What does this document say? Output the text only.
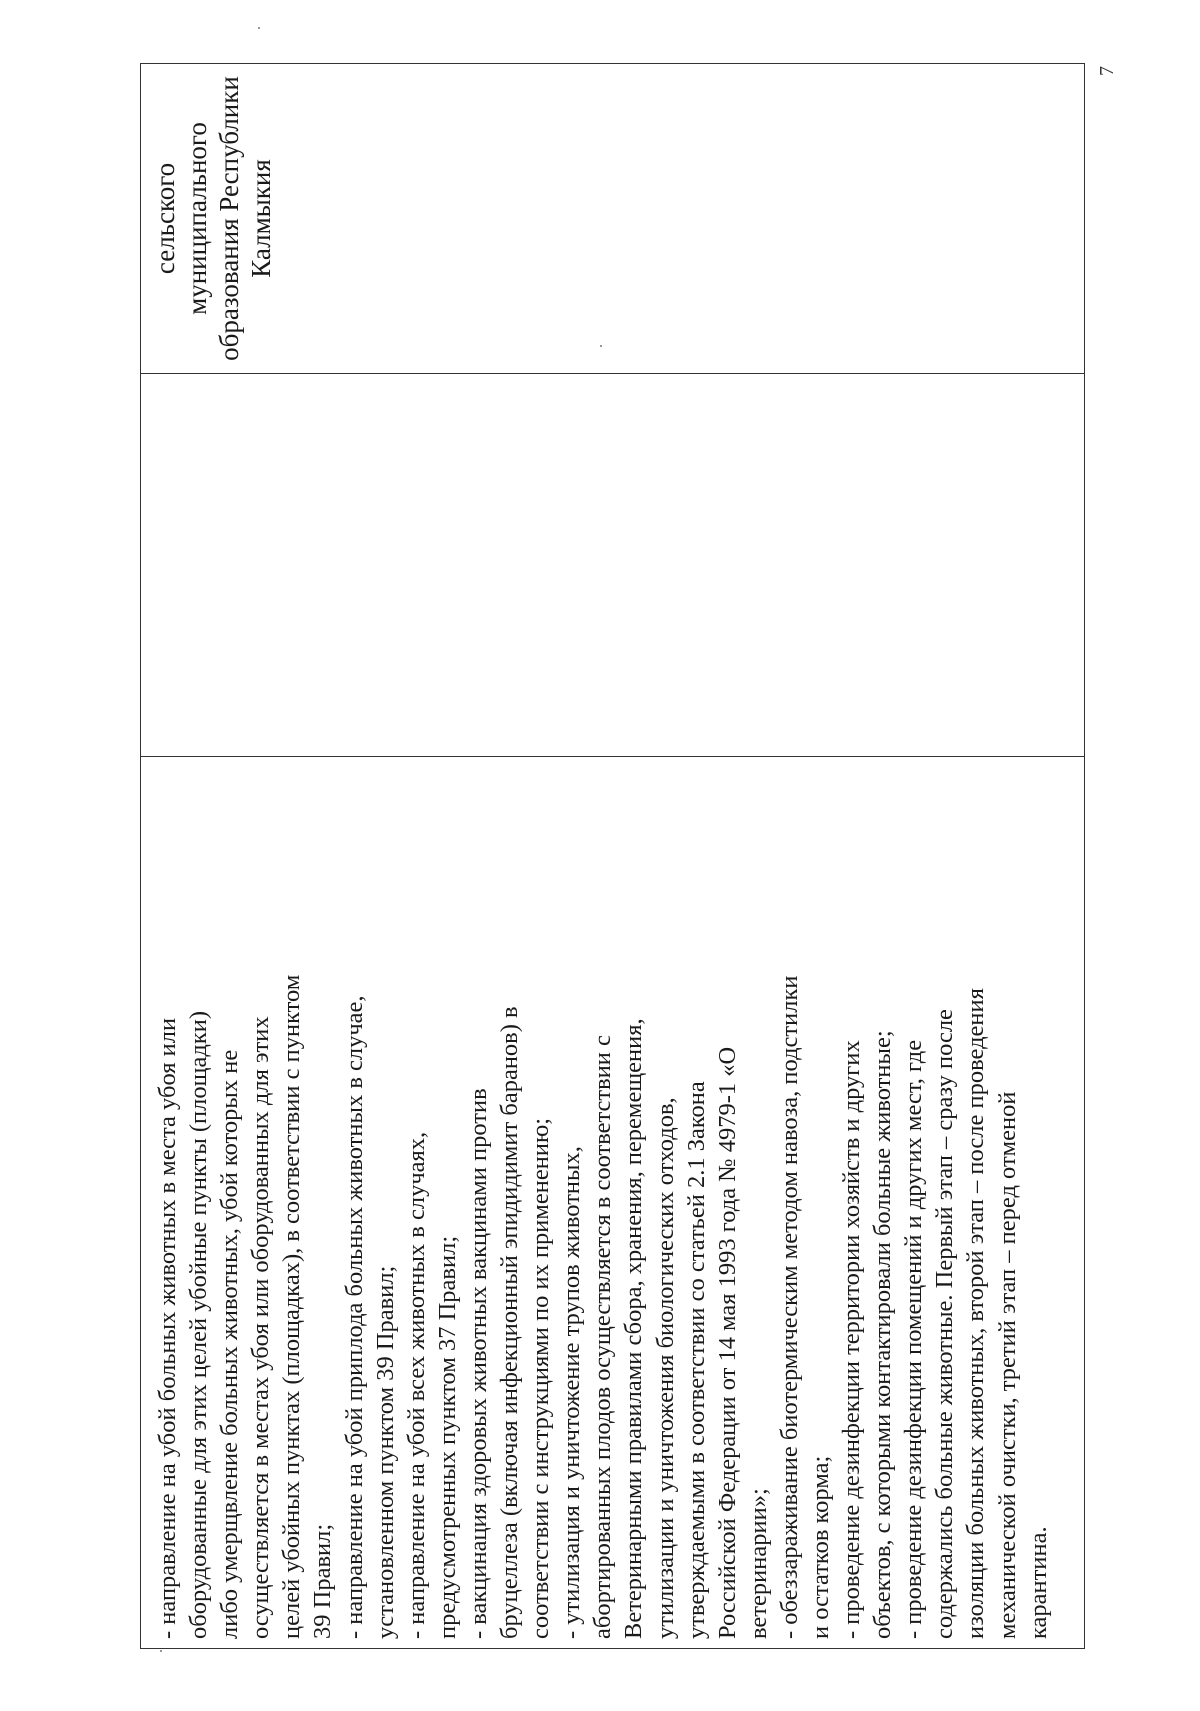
- направление на убой больных животных в места убоя или оборудованные для этих целей убойные пункты (площадки) либо умерщвление больных животных, убой которых не осуществляется в местах убоя или оборудованных для этих целей убойных пунктах (площадках), в соответствии с пунктом 39 Правил; - направление на убой приплода больных животных в случае, установленном пунктом 39 Правил; - направление на убой всех животных в случаях, предусмотренных пунктом 37 Правил; - вакцинация здоровых животных вакцинами против бруцеллеза (включая инфекционный эпидидимит баранов) в соответствии с инструкциями по их применению; - утилизация и уничтожение трупов животных, абортированных плодов осуществляется в соответствии с Ветеринарными правилами сбора, хранения, перемещения, утилизации и уничтожения биологических отходов, утверждаемыми в соответствии со статьей 2.1 Закона Российской Федерации от 14 мая 1993 года № 4979-1 «О ветеринарии»; - обеззараживание биотермическим методом навоза, подстилки и остатков корма; - проведение дезинфекции территории хозяйств и других объектов, с которыми контактировали больные животные; - проведение дезинфекции помещений и других мест, где содержались больные животные. Первый этап – сразу после изоляции больных животных, второй этап – после проведения механической очистки, третий этап – перед отменой карантина.

сельского муниципального образования Республики Калмыкия
7
